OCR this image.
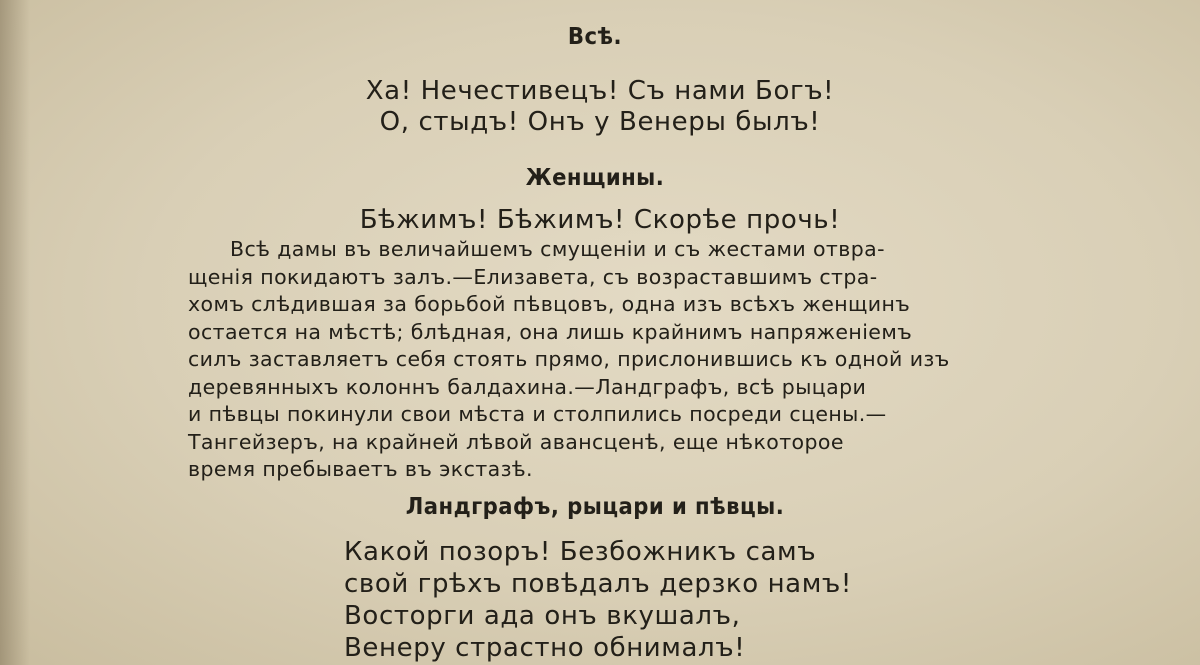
Всѣ.
Ха! Нечестивецъ! Съ нами Богъ!
О, стыдъ! Онъ у Венеры былъ!
Женщины.
Бѣжимъ! Бѣжимъ! Скорѣе прочь!
Всѣ дамы въ величайшемъ смущеніи и съ жестами отвра-
щенія покидаютъ залъ.—Елизавета, съ возраставшимъ стра-
хомъ слѣдившая за борьбой пѣвцовъ, одна изъ всѣхъ женщинъ
остается на мѣстѣ; блѣдная, она лишь крайнимъ напряженіемъ
силъ заставляетъ себя стоять прямо, прислонившись къ одной изъ
деревянныхъ колоннъ балдахина.—Ландграфъ, всѣ рыцари
и пѣвцы покинули свои мѣста и столпились посреди сцены.—
Тангейзеръ, на крайней лѣвой авансценѣ, еще нѣкоторое
время пребываетъ въ экстазѣ.
Ландграфъ, рыцари и пѣвцы.
Какой позоръ! Безбожникъ самъ
свой грѣхъ повѣдалъ дерзко намъ!
Восторги ада онъ вкушалъ,
Венеру страстно обнималъ!
